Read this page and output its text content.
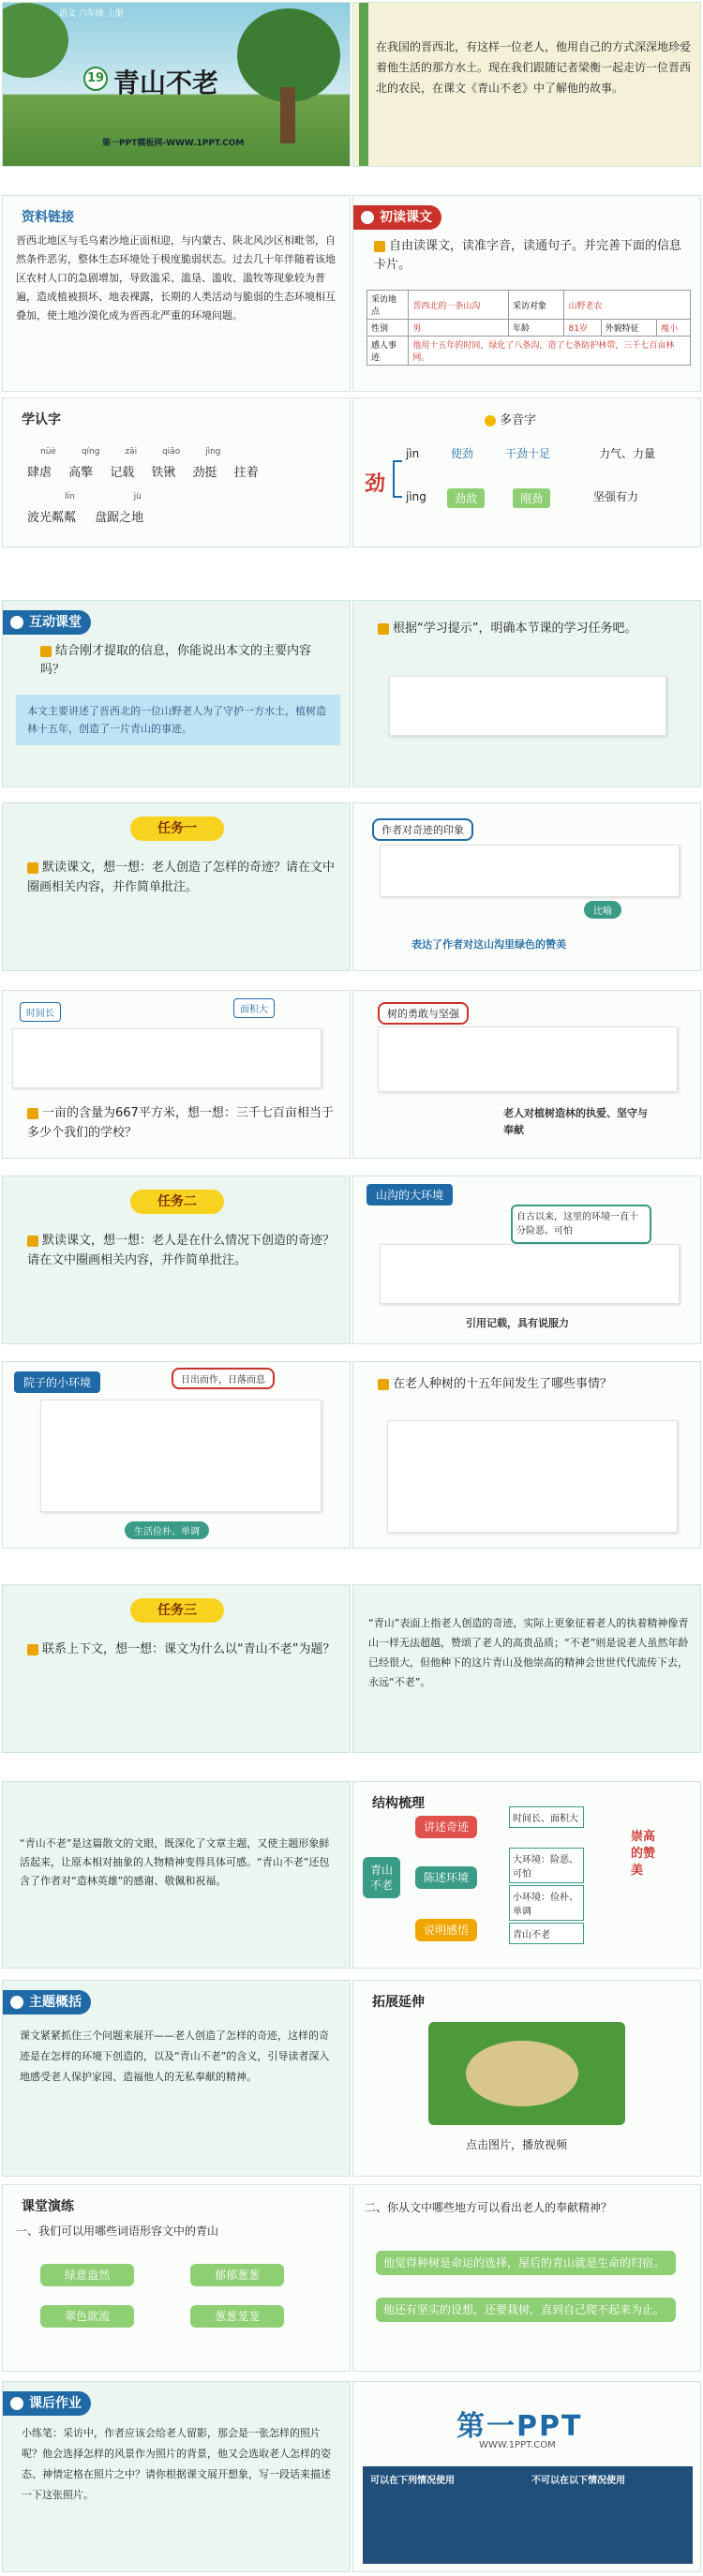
语文 六年级 上册
19 青山不老
第一PPT模板网-WWW.1PPT.COM
在我国的晋西北，有这样一位老人，他用自己的方式深深地珍爱着他生活的那方水土。现在我们跟随记者梁衡一起走访一位晋西北的农民，在课文《青山不老》中了解他的故事。
资料链接
晋西北地区与毛乌素沙地正面相迎，与内蒙古、陕北风沙区相毗邻，自然条件恶劣，整体生态环境处于极度脆弱状态。过去几十年伴随着该地区农村人口的急剧增加，导致滥采、滥垦、滥收、滥牧等现象较为普遍，造成植被损坏、地表裸露，长期的人类活动与脆弱的生态环境相互叠加，使土地沙漠化成为晋西北严重的环境问题。
初读课文
自由读课文，读准字音，读通句子。并完善下面的信息卡片。
采访地点	晋西北的一条山沟	采访对象	山野老农		
性别	男	年龄	81岁	外貌特征	瘦小
感人事迹	他用十五年的时间，绿化了八条沟，造了七条防护林带，三千七百亩林网。				
学认字
nüè	qíng	zāi	qiāo	jìng
肆虐 高擎 记载 铁锹 劲挺 拄着
lín	jù
波光粼粼 盘踞之地
多音字
劲
jìn
jìng
使劲	干劲十足	力气、力量
劲敌	刚劲	坚强有力
互动课堂
结合刚才提取的信息，你能说出本文的主要内容吗？
本文主要讲述了晋西北的一位山野老人为了守护一方水土，植树造林十五年，创造了一片青山的事迹。
根据“学习提示”，明确本节课的学习任务吧。
任务一
默读课文，想一想：老人创造了怎样的奇迹？请在文中圈画相关内容，并作简单批注。
作者对奇迹的印象
比喻
表达了作者对这山沟里绿色的赞美
时间长	面积大
一亩的含量为667平方米，想一想：三千七百亩相当于多少个我们的学校？
树的勇敢与坚强
老人对植树造林的执爱、坚守与奉献
任务二
默读课文，想一想：老人是在什么情况下创造的奇迹？请在文中圈画相关内容，并作简单批注。
山沟的大环境
自古以来，这里的环境一直十分险恶、可怕
引用记载，具有说服力
院子的小环境	日出而作，日落而息
生活俭朴、单调
在老人种树的十五年间发生了哪些事情？
任务三
联系上下文，想一想：课文为什么以“青山不老”为题？
“青山”表面上指老人创造的奇迹，实际上更象征着老人的执着精神像青山一样无法超越，赞颂了老人的高贵品质；“不老”则是说老人虽然年龄已经很大，但他种下的这片青山及他崇高的精神会世世代代流传下去，永远“不老”。
“青山不老”是这篇散文的文眼，既深化了文章主题，又使主题形象鲜活起来，让原本相对抽象的人物精神变得具体可感。“青山不老”还包含了作者对“造林英雄”的感谢、敬佩和祝福。
结构梳理
青山不老
讲述奇迹
陈述环境
说明感悟
时间长、面积大
大环境：险恶、可怕
小环境：俭朴、单调
青山不老
崇高的赞美
主题概括
课文紧紧抓住三个问题来展开——老人创造了怎样的奇迹，这样的奇迹是在怎样的环境下创造的，以及“青山不老”的含义，引导读者深入地感受老人保护家园、造福他人的无私奉献的精神。
拓展延伸
点击图片，播放视频
课堂演练
一、我们可以用哪些词语形容文中的青山
绿意盎然	郁郁葱葱
翠色欲流	葱葱茏茏
二、你从文中哪些地方可以看出老人的奉献精神？
他觉得种树是命运的选择，屋后的青山就是生命的归宿。
他还有坚实的设想，还要栽树，直到自己爬不起来为止。
课后作业
小练笔：采访中，作者应该会给老人留影，那会是一张怎样的照片呢？他会选择怎样的风景作为照片的背景，他又会选取老人怎样的姿态、神情定格在照片之中？请你根据课文展开想象，写一段话来描述一下这张照片。
第一PPT
WWW.1PPT.COM
可以在下列情况使用	不可以在以下情况使用
